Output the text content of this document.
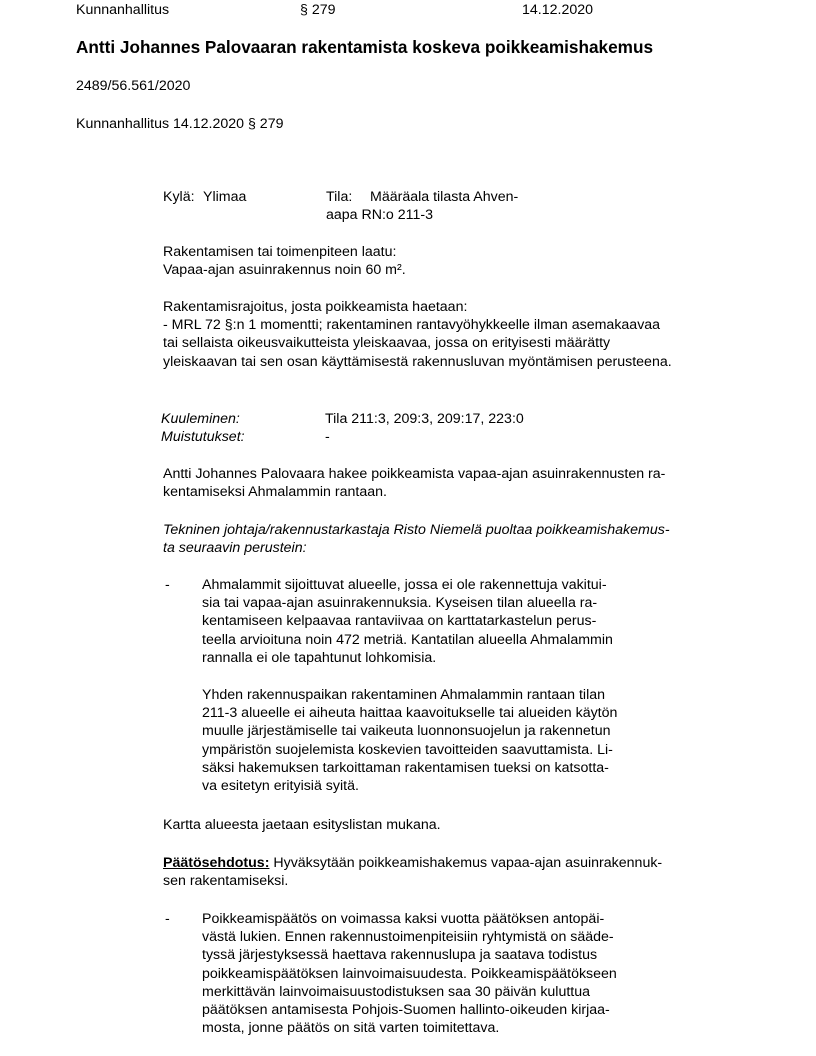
Kunnanhallitus	§ 279	14.12.2020
Antti Johannes Palovaaran rakentamista koskeva poikkeamishakemus
2489/56.561/2020
Kunnanhallitus 14.12.2020 § 279
Kylä: Ylimaa	Tila: Määräala tilasta Ahven-
aapa RN:o 211-3
Rakentamisen tai toimenpiteen laatu:
Vapaa-ajan asuinrakennus noin 60 m².
Rakentamisrajoitus, josta poikkeamista haetaan:
- MRL 72 §:n 1 momentti; rakentaminen rantavyöhykkeelle ilman asemakaavaa
tai sellaista oikeusvaikutteista yleiskaavaa, jossa on erityisesti määrätty
yleiskaavan tai sen osan käyttämisestä rakennusluvan myöntämisen perusteena.
Kuuleminen:	Tila 211:3, 209:3, 209:17, 223:0
Muistutukset:	-
Antti Johannes Palovaara hakee poikkeamista vapaa-ajan asuinrakennusten ra-
kentamiseksi Ahmalammin rantaan.
Tekninen johtaja/rakennustarkastaja Risto Niemelä puoltaa poikkeamishakemus-
ta seuraavin perustein:
- Ahmalammit sijoittuvat alueelle, jossa ei ole rakennettuja vakitui-
sia tai vapaa-ajan asuinrakennuksia. Kyseisen tilan alueella ra-
kentamiseen kelpaavaa rantaviivaa on karttatarkastelun perus-
teella arvioituna noin 472 metriä. Kantatilan alueella Ahmalammin
rannalla ei ole tapahtunut lohkomisia.
Yhden rakennuspaikan rakentaminen Ahmalammin rantaan tilan
211-3 alueelle ei aiheuta haittaa kaavoitukselle tai alueiden käytön
muulle järjestämiselle tai vaikeuta luonnonsuojelun ja rakennetun
ympäristön suojelemista koskevien tavoitteiden saavuttamista. Li-
säksi hakemuksen tarkoittaman rakentamisen tueksi on katsotta-
va esitetyn erityisiä syitä.
Kartta alueesta jaetaan esityslistan mukana.
Päätösehdotus: Hyväksytään poikkeamishakemus vapaa-ajan asuinrakennuk-
sen rakentamiseksi.
- Poikkeamispäätös on voimassa kaksi vuotta päätöksen antopäi-
västä lukien. Ennen rakennustoimenpiteisiin ryhtymistä on sääde-
tyssä järjestyksessä haettava rakennuslupa ja saatava todistus
poikkeamispäätöksen lainvoimaisuudesta. Poikkeamispäätökseen
merkittävän lainvoimaisuustodistuksen saa 30 päivän kuluttua
päätöksen antamisesta Pohjois-Suomen hallinto-oikeuden kirjaa-
mosta, jonne päätös on sitä varten toimitettava.
